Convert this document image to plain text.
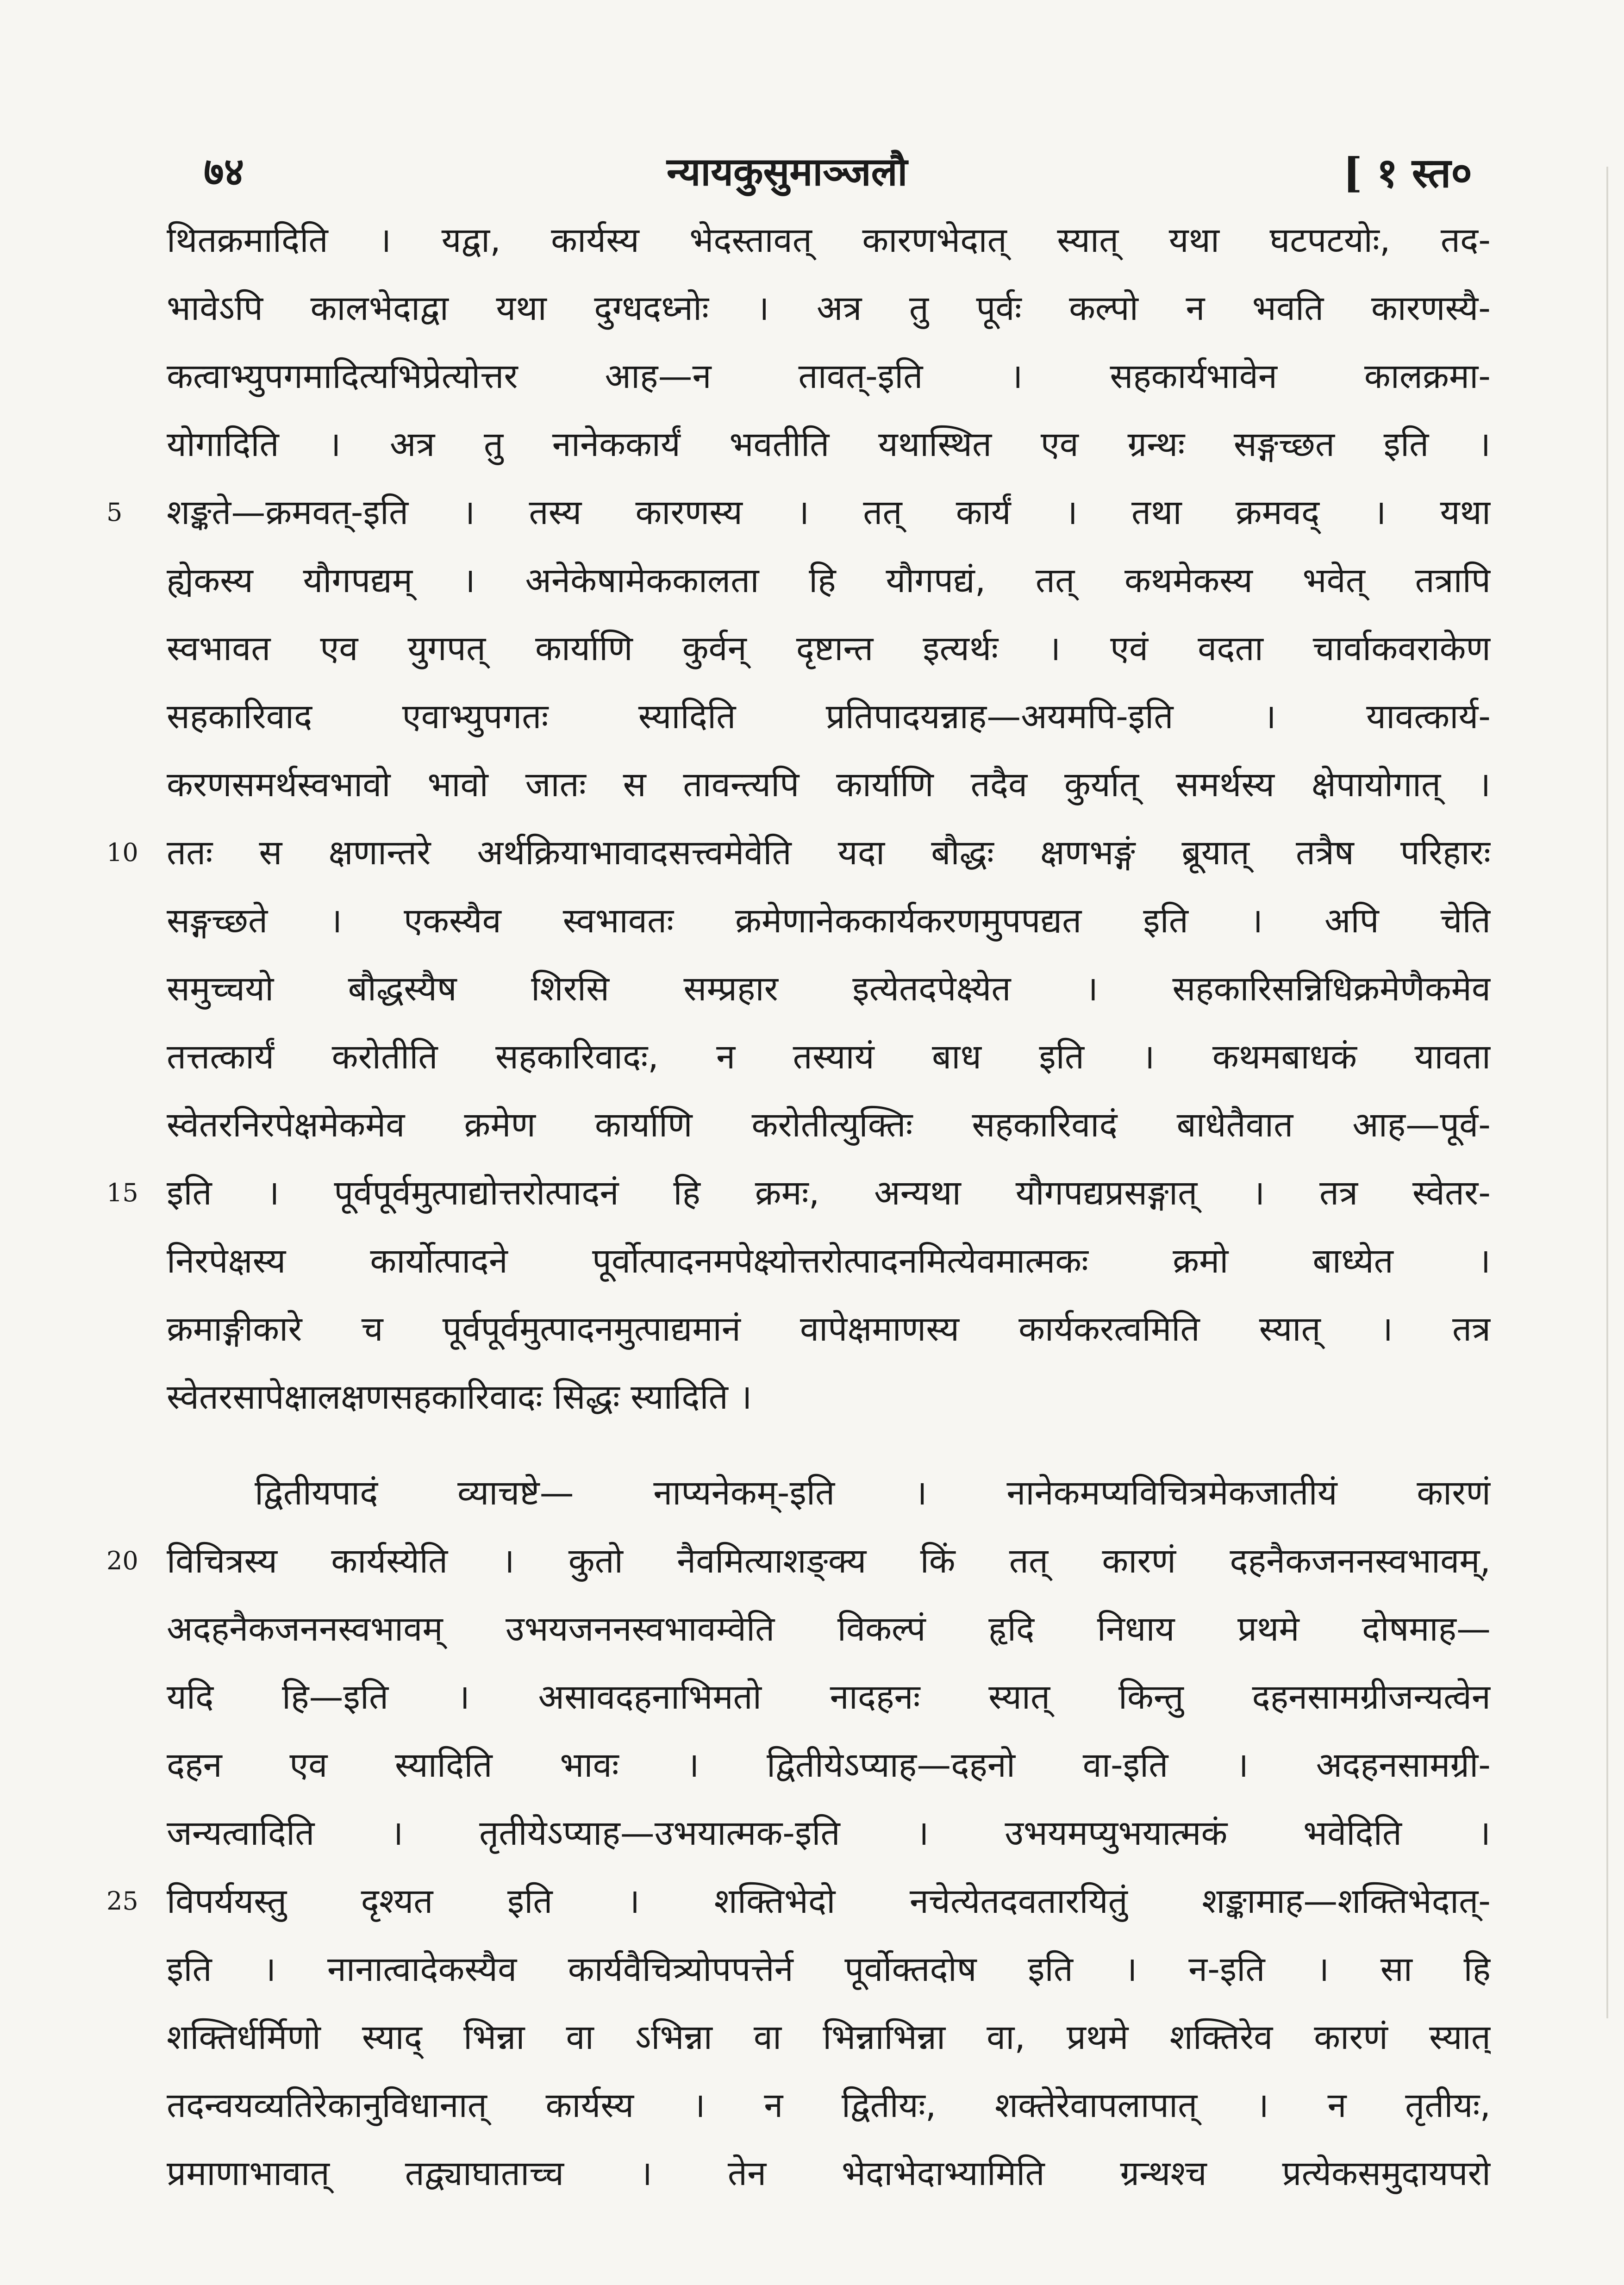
७४	न्यायकुसुमाञ्जलौ	[ १ स्त०
थितक्रमादिति । यद्वा, कार्यस्य भेदस्तावत् कारणभेदात् स्यात् यथा घटपटयोः, तद-
भावेऽपि कालभेदाद्वा यथा दुग्धदध्नोः । अत्र तु पूर्वः कल्पो न भवति कारणस्यै-
कत्वाभ्युपगमादित्यभिप्रेत्योत्तर आह—न तावत्-इति । सहकार्यभावेन कालक्रमा-
योगादिति । अत्र तु नानेककार्यं भवतीति यथास्थित एव ग्रन्थः सङ्गच्छत इति ।
शङ्कते—क्रमवत्-इति । तस्य कारणस्य । तत् कार्यं । तथा क्रमवद् । यथा
ह्येकस्य यौगपद्यम् । अनेकेषामेककालता हि यौगपद्यं, तत् कथमेकस्य भवेत् तत्रापि
स्वभावत एव युगपत् कार्याणि कुर्वन् दृष्टान्त इत्यर्थः । एवं वदता चार्वाकवराकेण
सहकारिवाद एवाभ्युपगतः स्यादिति प्रतिपादयन्नाह—अयमपि-इति । यावत्कार्य-
करणसमर्थस्वभावो भावो जातः स तावन्त्यपि कार्याणि तदैव कुर्यात् समर्थस्य क्षेपायोगात् ।
ततः स क्षणान्तरे अर्थक्रियाभावादसत्त्वमेवेति यदा बौद्धः क्षणभङ्गं ब्रूयात् तत्रैष परिहारः
सङ्गच्छते । एकस्यैव स्वभावतः क्रमेणानेककार्यकरणमुपपद्यत इति । अपि चेति
समुच्चयो बौद्धस्यैष शिरसि सम्प्रहार इत्येतदपेक्ष्येत । सहकारिसन्निधिक्रमेणैकमेव
तत्तत्कार्यं करोतीति सहकारिवादः, न तस्यायं बाध इति । कथमबाधकं यावता
स्वेतरनिरपेक्षमेकमेव क्रमेण कार्याणि करोतीत्युक्तिः सहकारिवादं बाधेतैवात आह—पूर्व-
इति । पूर्वपूर्वमुत्पाद्योत्तरोत्पादनं हि क्रमः, अन्यथा यौगपद्यप्रसङ्गात् । तत्र स्वेतर-
निरपेक्षस्य कार्योत्पादने पूर्वोत्पादनमपेक्ष्योत्तरोत्पादनमित्येवमात्मकः क्रमो बाध्येत ।
क्रमाङ्गीकारे च पूर्वपूर्वमुत्पादनमुत्पाद्यमानं वापेक्षमाणस्य कार्यकरत्वमिति स्यात् । तत्र
स्वेतरसापेक्षालक्षणसहकारिवादः सिद्धः स्यादिति ।
द्वितीयपादं व्याचष्टे— नाप्यनेकम्-इति । नानेकमप्यविचित्रमेकजातीयं कारणं
विचित्रस्य कार्यस्येति । कुतो नैवमित्याशङ्क्य किं तत् कारणं दहनैकजननस्वभावम्,
अदहनैकजननस्वभावम् उभयजननस्वभावम्वेति विकल्पं हृदि निधाय प्रथमे दोषमाह—
यदि हि—इति । असावदहनाभिमतो नादहनः स्यात् किन्तु दहनसामग्रीजन्यत्वेन
दहन एव स्यादिति भावः । द्वितीयेऽप्याह—दहनो वा-इति । अदहनसामग्री-
जन्यत्वादिति । तृतीयेऽप्याह—उभयात्मक-इति । उभयमप्युभयात्मकं भवेदिति ।
विपर्ययस्तु दृश्यत इति । शक्तिभेदो नचेत्येतदवतारयितुं शङ्कामाह—शक्तिभेदात्-
इति । नानात्वादेकस्यैव कार्यवैचित्र्योपपत्तेर्न पूर्वोक्तदोष इति । न-इति । सा हि
शक्तिर्धर्मिणो स्याद् भिन्ना वा ऽभिन्ना वा भिन्नाभिन्ना वा, प्रथमे शक्तिरेव कारणं स्यात्
तदन्वयव्यतिरेकानुविधानात् कार्यस्य । न द्वितीयः, शक्तेरेवापलापात् । न तृतीयः,
प्रमाणाभावात् तद्व्याघाताच्च । तेन भेदाभेदाभ्यामिति ग्रन्थश्च प्रत्येकसमुदायपरो
5
10
15
20
25
